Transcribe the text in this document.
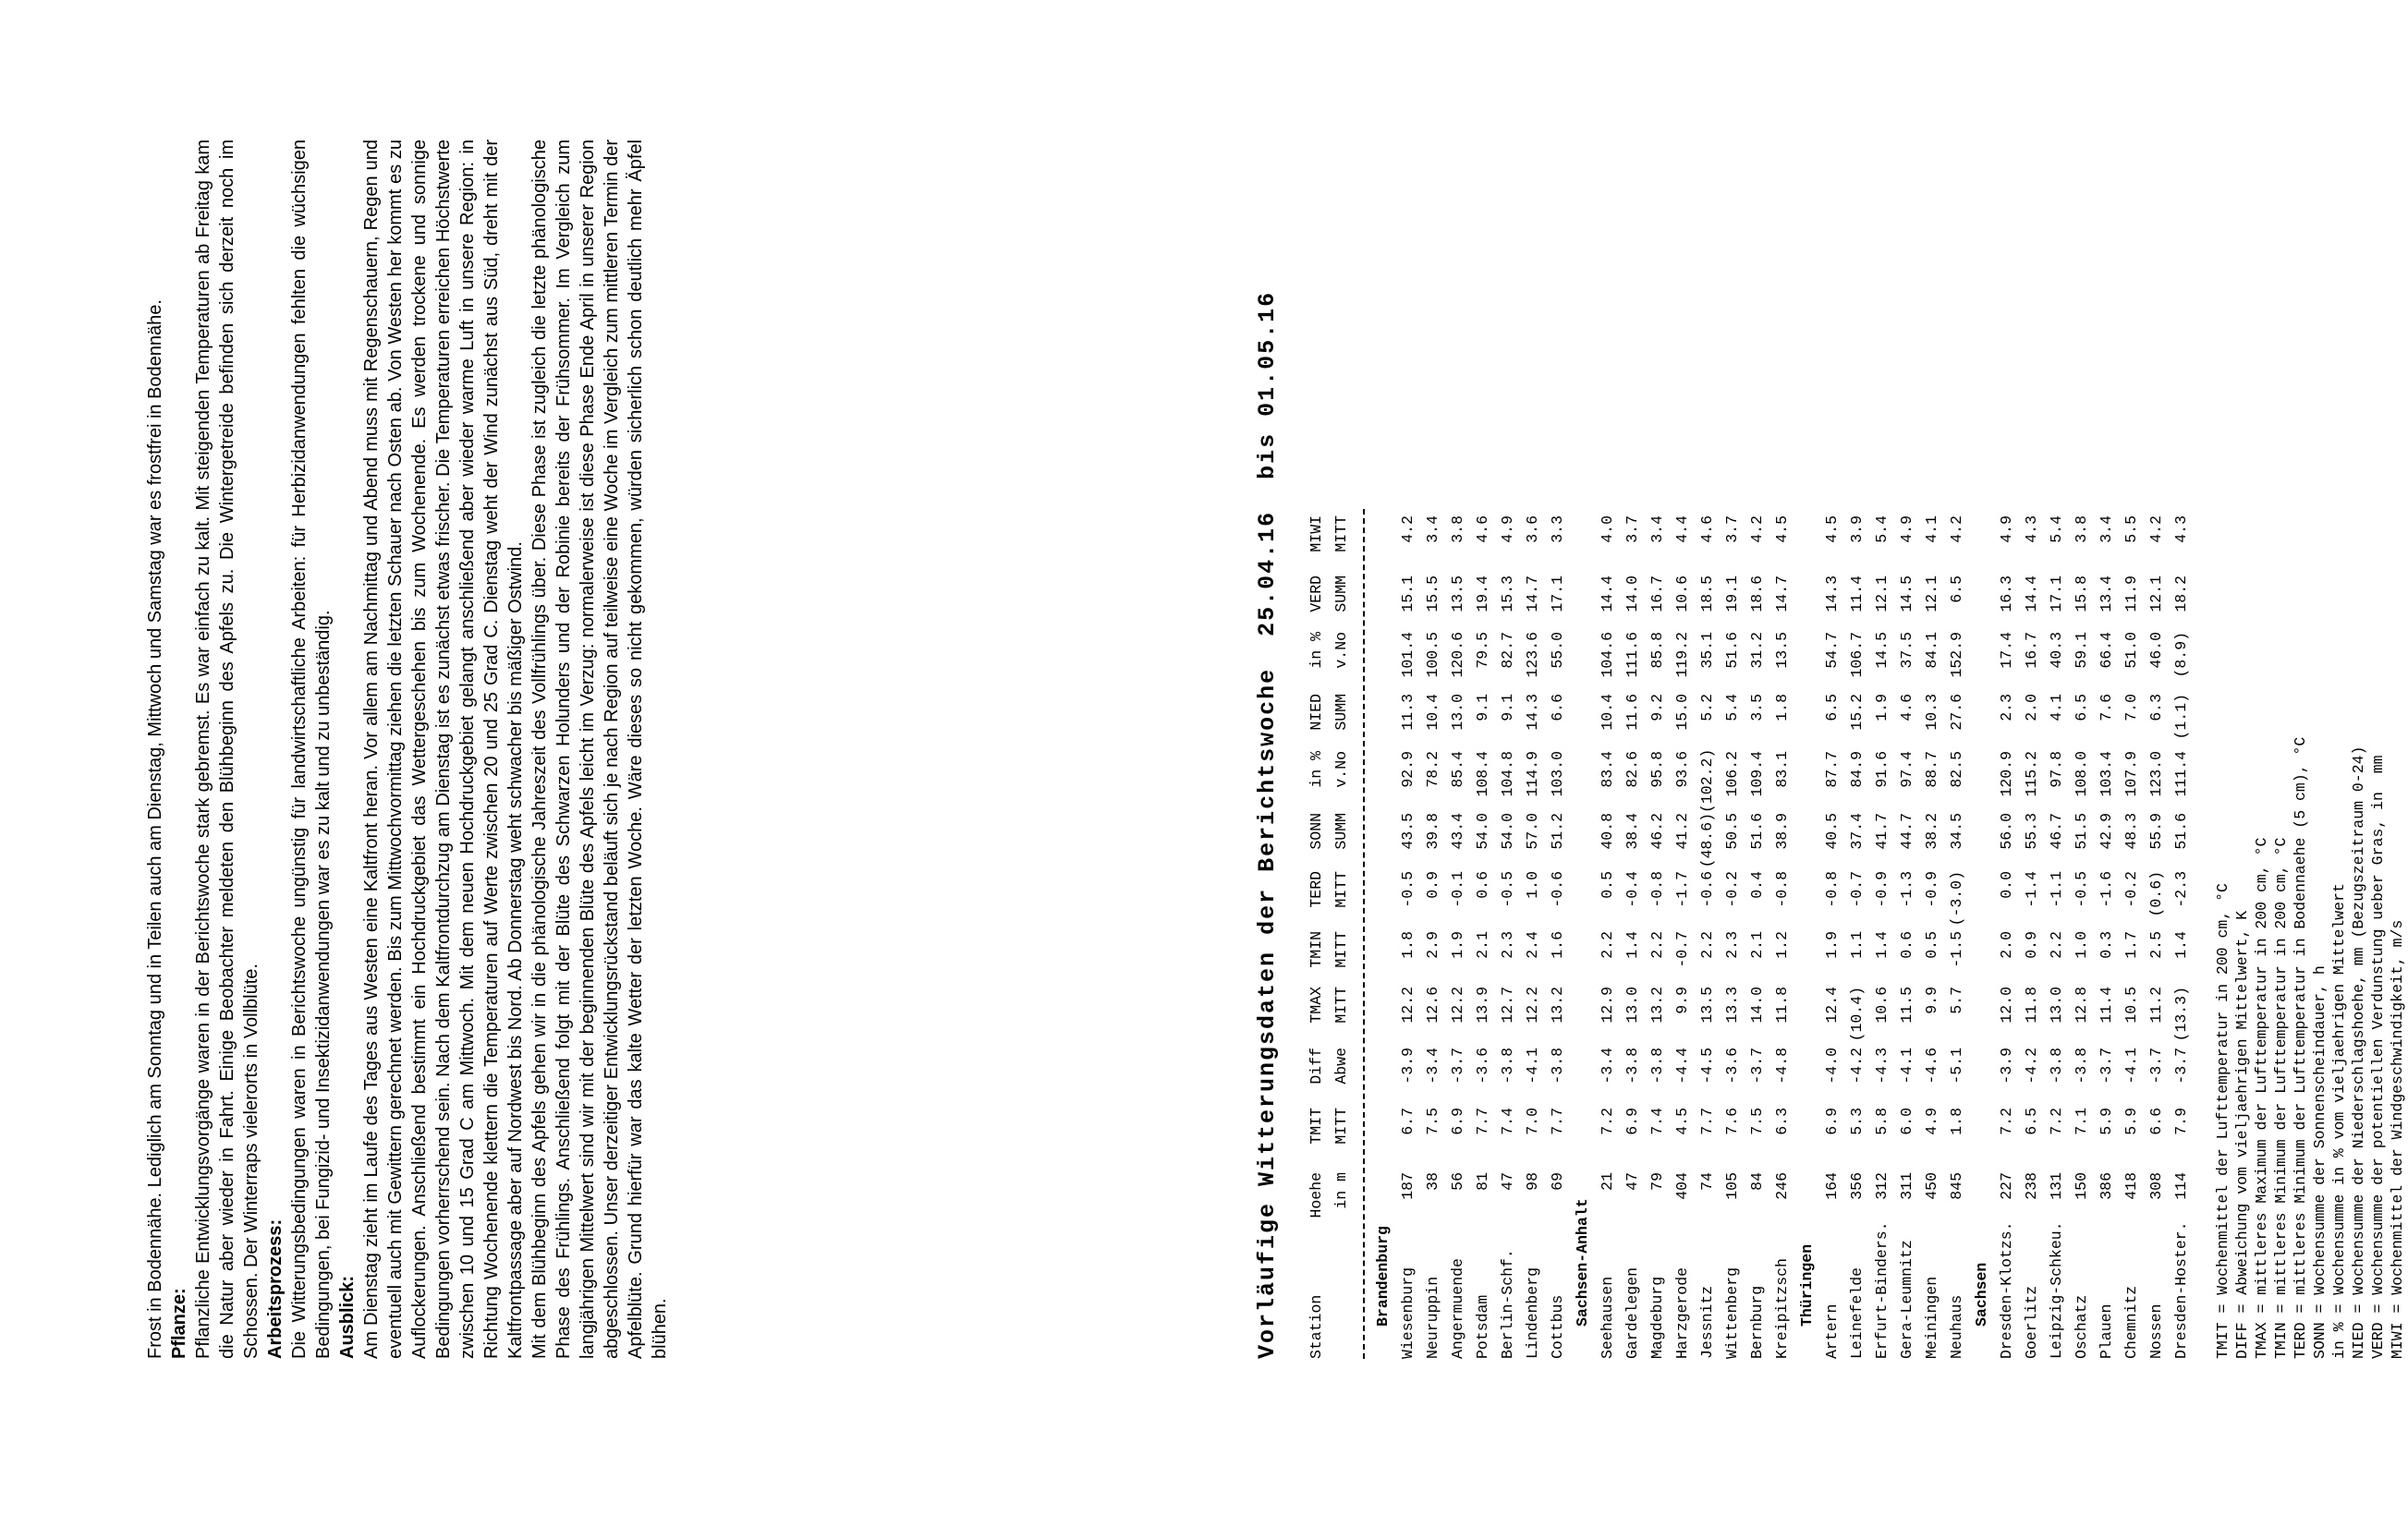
Frost in Bodennähe. Lediglich am Sonntag und in Teilen auch am Dienstag, Mittwoch und Samstag war es frostfrei in Bodennähe. Pflanze: Pflanzliche Entwicklungsvorgänge waren in der Berichtswoche stark gebremst. Es war einfach zu kalt. Mit steigenden Temperaturen ab Freitag kam die Natur aber wieder in Fahrt. Einige Beobachter meldeten den Blühbeginn des Apfels zu. Die Wintergetreide befinden sich derzeit noch im Schossen. Der Winterraps vielerorts in Vollblüte. Arbeitsprozess: Die Witterungsbedingungen waren in Berichtswoche ungünstig für landwirtschaftliche Arbeiten: für Herbizidanwendungen fehlten die wüchsigen Bedingungen, bei Fungizid- und Insektizidanwendungen war es zu kalt und zu unbeständig. Ausblick: Am Dienstag zieht im Laufe des Tages aus Westen eine Kaltfront heran. Vor allem am Nachmittag und Abend muss mit Regenschauern, Regen und eventuell auch mit Gewittern gerechnet werden. Bis zum Mittwochvormittag ziehen die letzten Schauer nach Osten ab. Von Westen her kommt es zu Auflockerungen. Anschließend bestimmt ein Hochdruckgebiet das Wettergeschehen bis zum Wochenende. Es werden trockene und sonnige Bedingungen vorherrschend sein. Nach dem Kaltfrontdurchzug am Dienstag ist es zunächst etwas frischer. Die Temperaturen erreichen Höchstwerte zwischen 10 und 15 Grad C am Mittwoch. Mit dem neuen Hochdruckgebiet gelangt anschließend aber wieder warme Luft in unsere Region: in Richtung Wochenende klettern die Temperaturen auf Werte zwischen 20 und 25 Grad C. Dienstag weht der Wind zunächst aus Süd, dreht mit der Kaltfrontpassage aber auf Nordwest bis Nord. Ab Donnerstag weht schwacher bis mäßiger Ostwind. Mit dem Blühbeginn des Apfels gehen wir in die phänologische Jahreszeit des Vollfrühlings über. Diese Phase ist zugleich die letzte phänologische Phase des Frühlings. Anschließend folgt mit der Blüte des Schwarzen Holunders und der Robinie bereits der Frühsommer. Im Vergleich zum langjährigen Mittelwert sind wir mit der beginnenden Blüte des Apfels leicht im Verzug: normalerweise ist diese Phase Ende April in unserer Region abgeschlossen. Unser derzeitiger Entwicklungsrückstand beläuft sich je nach Region auf teilweise eine Woche im Vergleich zum mittleren Termin der Apfelblüte. Grund hierfür war das kalte Wetter der letzten Woche. Wäre dieses so nicht gekommen, würden sicherlich schon deutlich mehr Äpfel blühen.	Vorläufige Witterungsdaten der Berichtswoche  25.04.16  bis 01.05.16 StationHoeheTMITDiffTMAXTMINTERDSONNin %NIEDin %VERDMIWI
in mMITTAbweMITTMITTMITTSUMMv.NoSUMMv.NoSUMMMITT
Brandenburg Wiesenburg1876.7-3.912.21.8-0.543.592.911.3101.415.14.2
Neuruppin387.5-3.412.62.90.939.878.210.4100.515.53.4
Angermuende566.9-3.712.21.9-0.143.485.413.0120.613.53.8
Potsdam817.7-3.613.92.10.654.0108.49.179.519.44.6
Berlin-Schf.477.4-3.812.72.3-0.554.0104.89.182.715.34.9
Lindenberg987.0-4.112.22.41.057.0114.914.3123.614.73.6
Cottbus697.7-3.813.21.6-0.651.2103.06.655.017.13.3
Sachsen-Anhalt Seehausen217.2-3.412.92.20.540.883.410.4104.614.44.0
Gardelegen476.9-3.813.01.4-0.438.482.611.6111.614.03.7
Magdeburg797.4-3.813.22.2-0.846.295.89.285.816.73.4
Harzgerode4044.5-4.49.9-0.7-1.741.293.615.0119.210.64.4
Jessnitz747.7-4.513.52.2-0.6(48.6)(102.2)5.235.118.54.6
Wittenberg1057.6-3.613.32.3-0.250.5106.25.451.619.13.7
Bernburg847.5-3.714.02.10.451.6109.43.531.218.64.2
Kreipitzsch2466.3-4.811.81.2-0.838.983.11.813.514.74.5
Thüringen
Artern1646.9-4.012.41.9-0.840.587.76.554.714.34.5
Leinefelde3565.3-4.2(10.4)1.1-0.737.484.915.2106.711.43.9
Erfurt-Binders.3125.8-4.310.61.4-0.941.791.61.914.512.15.4
Gera-Leumnitz3116.0-4.111.50.6-1.344.797.44.637.514.54.9
Meiningen4504.9-4.69.90.5-0.938.288.710.384.112.14.1
Neuhaus8451.8-5.15.7-1.5(-3.0)34.582.527.6152.96.54.2
Sachsen Dresden-Klotzs.2277.2-3.912.02.00.056.0120.92.317.416.34.9
Goerlitz2386.5-4.211.80.9-1.455.3115.22.016.714.44.3
Leipzig-Schkeu.1317.2-3.813.02.2-1.146.797.84.140.317.15.4
Oschatz1507.1-3.812.81.0-0.551.5108.06.559.115.83.8
Plauen3865.9-3.711.40.3-1.642.9103.47.666.413.43.4
Chemnitz4185.9-4.110.51.7-0.248.3107.97.051.011.95.5
Nossen3086.6-3.711.22.5(0.6)55.9123.06.346.012.14.2
Dresden-Hoster.1147.9-3.7(13.3)1.4-2.351.6111.4(1.1)(8.9)18.24.3
TMIT = Wochenmittel der Lufttemperatur in 200 cm, °C DIFF = Abweichung vom vieljaehrigen Mittelwert, K TMAX = mittleres Maximum der Lufttemperatur in 200 cm, °C TMIN = mittleres Minimum der Lufttemperatur in 200 cm, °C TERD = mittleres Minimum der Lufttemperatur in Bodennaehe (5 cm), °C SONN = Wochensumme der Sonnenscheindauer, h in % = Wochensumme in % vom vieljaehrigen Mittelwert NIED = Wochensumme der Niederschlagshoehe, mm (Bezugszeitraum 0-24) VERD = Wochensumme der potentiellen Verdunstung ueber Gras, in  mm MIWI = Wochenmittel der Windgeschwindigkeit, m/s
